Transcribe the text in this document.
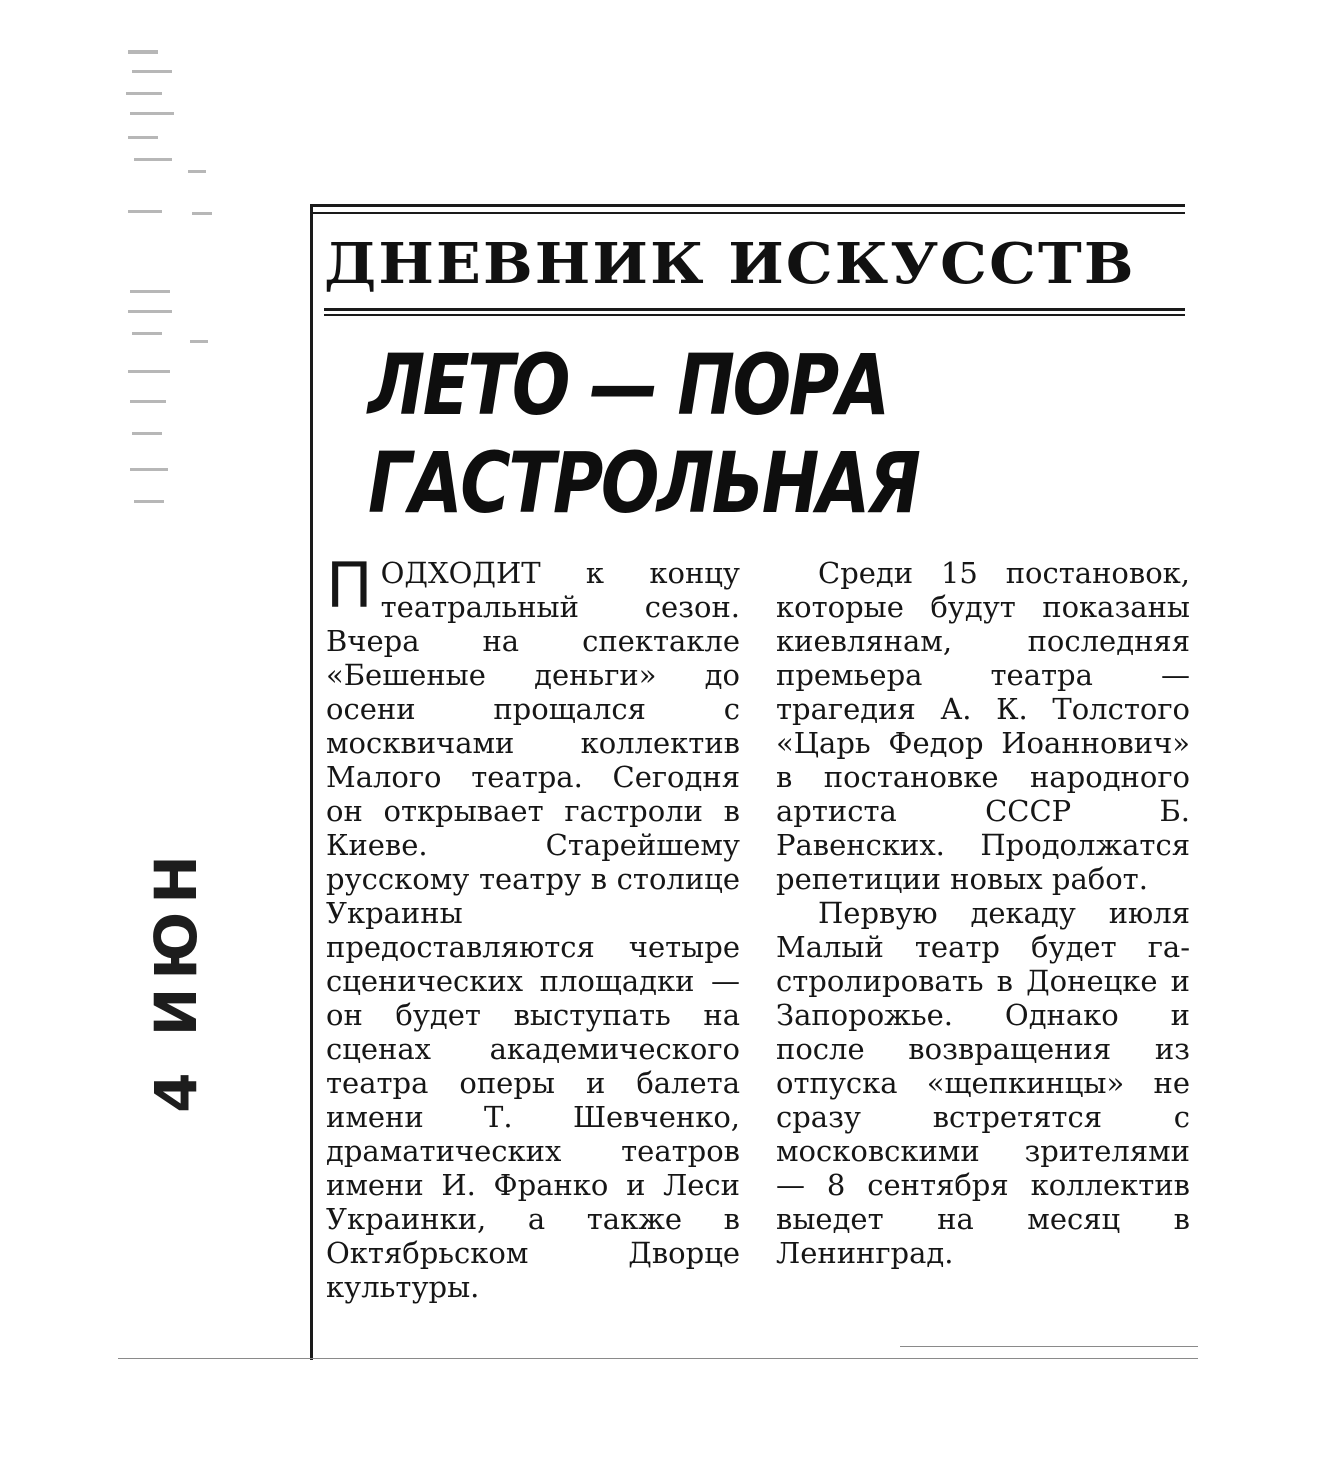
4 ИЮН
ДНЕВНИК ИСКУССТВ
ЛЕТО — ПОРА
ГАСТРОЛЬНАЯ

ПОДХОДИТ к концу театральный сезон. Вчера на спектакле «Бешеные деньги» до осени прощался с москвичами коллектив Малого театра. Сегодня он открывает гастроли в Киеве. Старейшему русскому театру в столице Украины предоставляются четыре сценических площадки — он будет выступать на сценах академического театра оперы и балета имени Т. Шевченко, драматических театров имени И. Франко и Леси Украинки, а также в Октябрьском Дворце культуры.

Среди 15 постановок, которые будут показаны киевлянам, последняя премьера театра — трагедия А. К. Толстого «Царь Федор Иоаннович» в постановке народного артиста СССР Б. Равенских. Продолжатся репетиции новых работ.

Первую декаду июля Малый театр будет гастролировать в Донецке и Запорожье. Однако и после возвращения из отпуска «щепкинцы» не сразу встретятся с московскими зрителями — 8 сентября коллектив выедет на месяц в Ленинград.
